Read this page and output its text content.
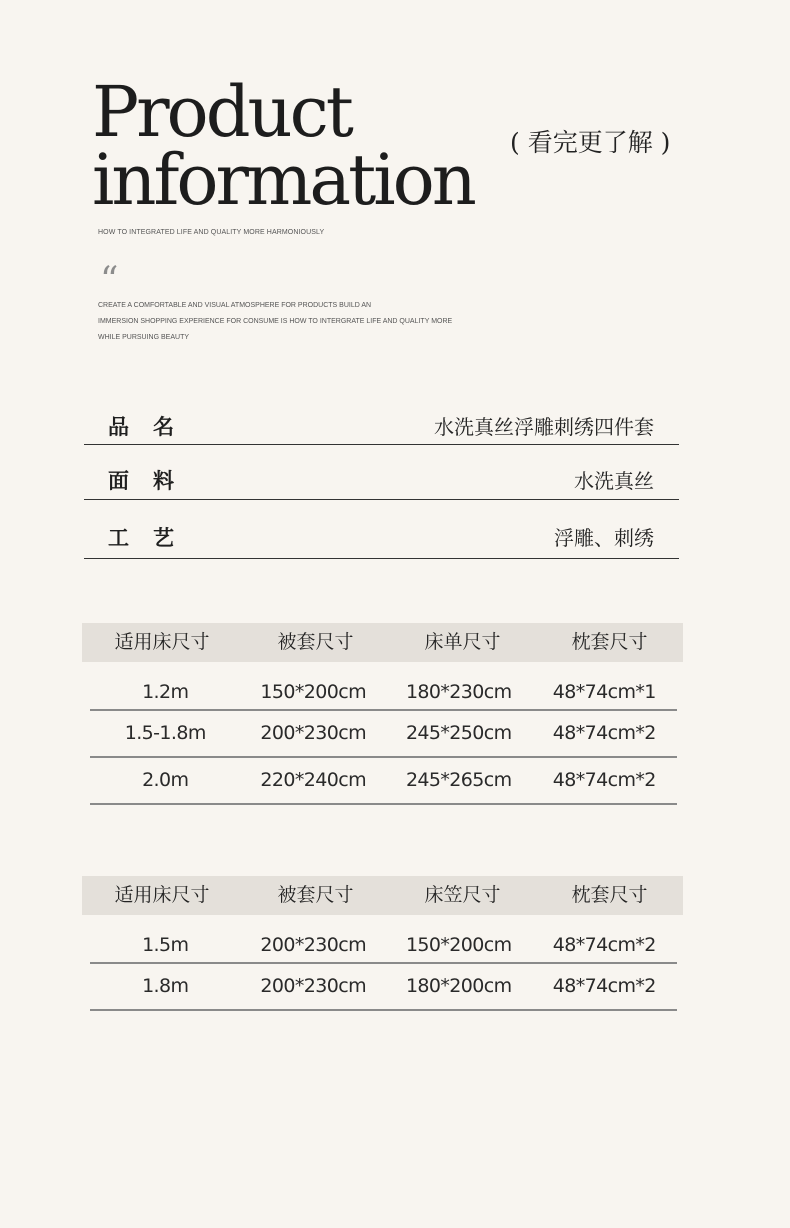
Product
information ( 看完更了解 )
HOW TO INTEGRATED LIFE AND QUALITY MORE HARMONIOUSLY
“
CREATE A COMFORTABLE AND VISUAL ATMOSPHERE FOR PRODUCTS BUILD AN
IMMERSION SHOPPING EXPERIENCE FOR CONSUME IS HOW TO INTERGRATE LIFE AND QUALITY MORE
WHILE PURSUING BEAUTY
品名	水洗真丝浮雕刺绣四件套
面料	水洗真丝
工艺	浮雕、刺绣
适用床尺寸	被套尺寸	床单尺寸	枕套尺寸
1.2m	150*200cm	180*230cm	48*74cm*1
1.5-1.8m	200*230cm	245*250cm	48*74cm*2
2.0m	220*240cm	245*265cm	48*74cm*2
适用床尺寸	被套尺寸	床笠尺寸	枕套尺寸
1.5m	200*230cm	150*200cm	48*74cm*2
1.8m	200*230cm	180*200cm	48*74cm*2
